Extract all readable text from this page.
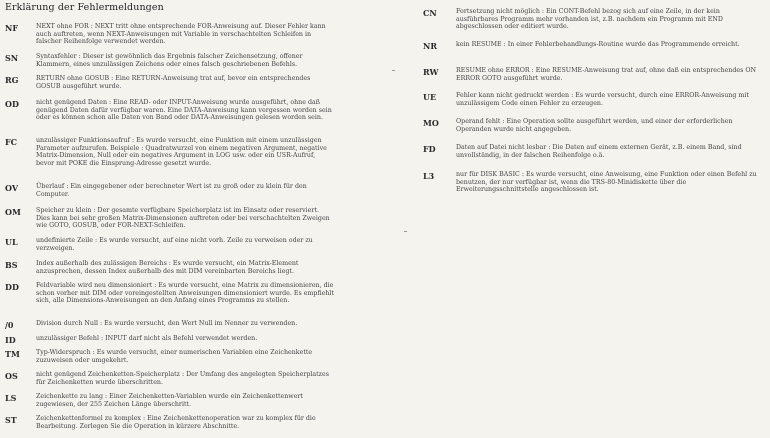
Erklärung der Fehlermeldungen
NF	NEXT ohne FOR : NEXT tritt ohne entsprechende FOR-Anweisung auf. Dieser Fehler kann auch auftreten, wenn NEXT-Anweisungen mit Variable in verschachtelten Schleifen in falscher Reihenfolge verwendet werden.

SN	Syntaxfehler : Dieser ist gewöhnlich das Ergebnis falscher Zeichensetzung, offener Klammern, eines unzulässigen Zeichens oder eines falsch geschriebenen Befehls.

RG	RETURN ohne GOSUB : Eine RETURN-Anweisung trat auf, bevor ein entsprechendes GOSUB ausgeführt wurde.

OD	nicht genügend Daten : Eine READ- oder INPUT-Anweisung wurde ausgeführt, ohne daß genügend Daten dafür verfügbar waren. Eine DATA-Anweisung kann vergessen worden sein oder es können schon alle Daten von Band oder DATA-Anweisungen gelesen worden sein.

FC	unzulässiger Funktionsaufruf : Es wurde versucht, eine Funktion mit einem unzulässigen Parameter aufzurufen. Beispiele : Quadratwurzel von einem negativen Argument, negative Matrix-Dimension, Null oder ein negatives Argument in LOG usw. oder ein USR-Aufruf, bevor mit POKE die Einsprung-Adresse gesetzt wurde.

OV	Überlauf : Ein eingegebener oder berechneter Wert ist zu groß oder zu klein für den Computer.

OM Speicher zu klein : Der gesamte verfügbare Speicherplatz ist im Einsatz oder reserviert. Dies kann bei sehr großen Matrix-Dimensionen auftreten oder bei verschachtelten Zweigen wie GOTO, GOSUB, oder FOR-NEXT-Schleifen.

UL	undefinierte Zeile : Es wurde versucht, auf eine nicht vorh. Zeile zu verweisen oder zu verzweigen.

BS	Index außerhalb des zulässigen Bereichs : Es wurde versucht, ein Matrix-Element anzusprechen, dessen Index außerhalb des mit DIM vereinbarten Bereichs liegt.

DD	Feldvariable wird neu dimensioniert : Es wurde versucht, eine Matrix zu dimensionieren, die schon vorher mit DIM oder voreingestellten Anweisungen dimensioniert wurde. Es empfiehlt sich, alle Dimensions-Anweisungen an den Anfang eines Programms zu stellen.

/0	Division durch Null : Es wurde versucht, den Wert Null im Nenner zu verwenden.

ID	unzulässiger Befehl : INPUT darf nicht als Befehl verwendet werden.

TM	Typ-Widerspruch : Es wurde versucht, einer numerischen Variablen eine Zeichenkette zuzuweisen oder umgekehrt.

OS	nicht genügend Zeichenketten-Speicherplatz : Der Umfang des angelegten Speicherplatzes für Zeichenketten wurde überschritten.

LS	Zeichenkette zu lang : Einer Zeichenketten-Variablen wurde ein Zeichenkettenwert zugewiesen, der 255 Zeichen Länge überschritt.

ST	Zeichenkettenformel zu komplex : Eine Zeichenkettenoperation war zu komplex für die Bearbeitung. Zerlegen Sie die Operation in kürzere Abschnitte.

CN	Fortsetzung nicht möglich : Ein CONT-Befehl bezog sich auf eine Zeile, in der kein ausführbares Programm mehr vorhanden ist, z.B. nachdem ein Programm mit END abgeschlossen oder editiert wurde.

NR	kein RESUME : In einer Fehlerbehandlungs-Routine wurde das Programmende erreicht.

RW	RESUME ohne ERROR : Eine RESUME-Anweisung trat auf, ohne daß ein entsprechendes ON ERROR GOTO ausgeführt wurde.

UE	Fehler kann nicht gedruckt werden : Es wurde versucht, durch eine ERROR-Anweisung mit unzulässigem Code einen Fehler zu erzeugen.

MO	Operand fehlt : Eine Operation sollte ausgeführt werden, und einer der erforderlichen Operanden wurde nicht angegeben.

FD	Daten auf Datei nicht lesbar : Die Daten auf einem externen Gerät, z.B. einem Band, sind unvollständig, in der falschen Reihenfolge o.ä.

L3	nur für DISK BASIC : Es wurde versucht, eine Anweisung, eine Funktion oder einen Befehl zu benutzen, der nur verfügbar ist, wenn die TRS-80-Minidiskette über die Erweiterungsschnittstelle angeschlossen ist.
